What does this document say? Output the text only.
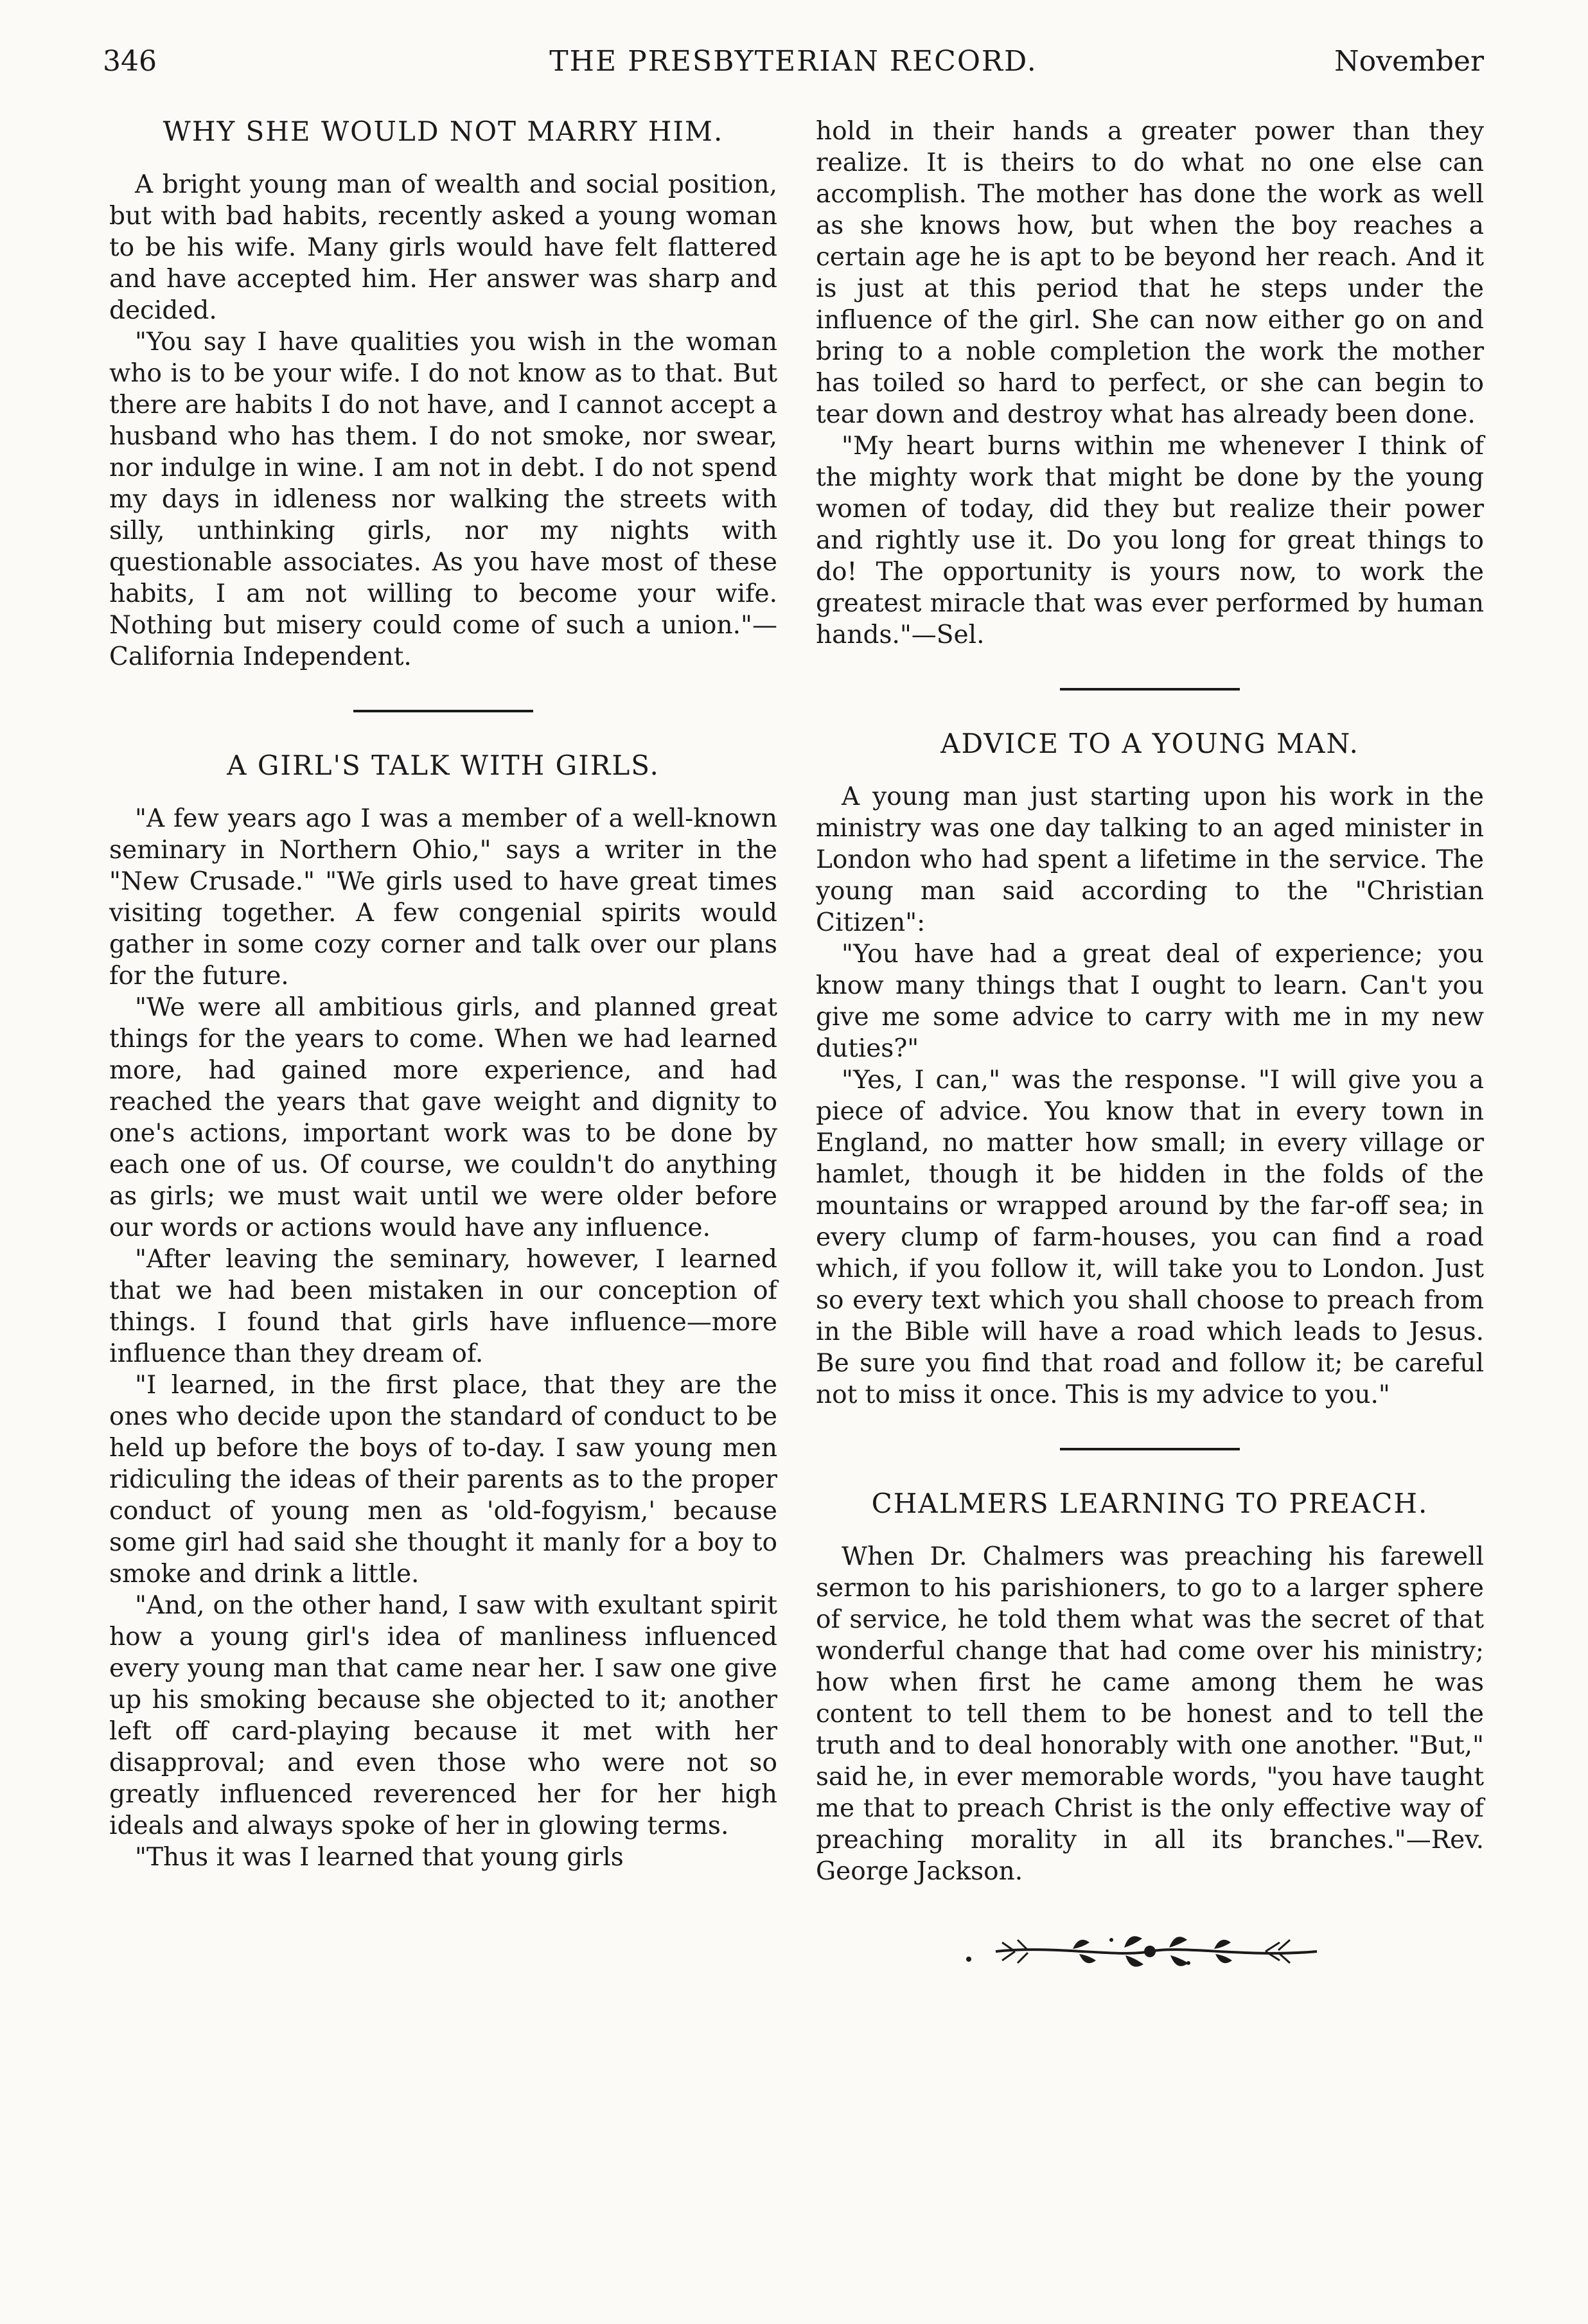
346	THE PRESBYTERIAN RECORD.	November
WHY SHE WOULD NOT MARRY HIM.

A bright young man of wealth and social position, but with bad habits, recently asked a young woman to be his wife. Many girls would have felt flattered and have accepted him. Her answer was sharp and decided.

"You say I have qualities you wish in the woman who is to be your wife. I do not know as to that. But there are habits I do not have, and I cannot accept a husband who has them. I do not smoke, nor swear, nor indulge in wine. I am not in debt. I do not spend my days in idleness nor walking the streets with silly, unthinking girls, nor my nights with questionable associates. As you have most of these habits, I am not willing to become your wife. Nothing but misery could come of such a union."—California Independent.

A GIRL'S TALK WITH GIRLS.

"A few years ago I was a member of a well-known seminary in Northern Ohio," says a writer in the "New Crusade." "We girls used to have great times visiting together. A few congenial spirits would gather in some cozy corner and talk over our plans for the future.

"We were all ambitious girls, and planned great things for the years to come. When we had learned more, had gained more experience, and had reached the years that gave weight and dignity to one's actions, important work was to be done by each one of us. Of course, we couldn't do anything as girls; we must wait until we were older before our words or actions would have any influence.

"After leaving the seminary, however, I learned that we had been mistaken in our conception of things. I found that girls have influence—more influence than they dream of.

"I learned, in the first place, that they are the ones who decide upon the standard of conduct to be held up before the boys of to-day. I saw young men ridiculing the ideas of their parents as to the proper conduct of young men as 'old-fogyism,' because some girl had said she thought it manly for a boy to smoke and drink a little.

"And, on the other hand, I saw with exultant spirit how a young girl's idea of manliness influenced every young man that came near her. I saw one give up his smoking because she objected to it; another left off card-playing because it met with her disapproval; and even those who were not so greatly influenced reverenced her for her high ideals and always spoke of her in glowing terms.

"Thus it was I learned that young girls

hold in their hands a greater power than they realize. It is theirs to do what no one else can accomplish. The mother has done the work as well as she knows how, but when the boy reaches a certain age he is apt to be beyond her reach. And it is just at this period that he steps under the influence of the girl. She can now either go on and bring to a noble completion the work the mother has toiled so hard to perfect, or she can begin to tear down and destroy what has already been done.

"My heart burns within me whenever I think of the mighty work that might be done by the young women of today, did they but realize their power and rightly use it. Do you long for great things to do! The opportunity is yours now, to work the greatest miracle that was ever performed by human hands."—Sel.

ADVICE TO A YOUNG MAN.

A young man just starting upon his work in the ministry was one day talking to an aged minister in London who had spent a lifetime in the service. The young man said according to the "Christian Citizen":

"You have had a great deal of experience; you know many things that I ought to learn. Can't you give me some advice to carry with me in my new duties?"

"Yes, I can," was the response. "I will give you a piece of advice. You know that in every town in England, no matter how small; in every village or hamlet, though it be hidden in the folds of the mountains or wrapped around by the far-off sea; in every clump of farm-houses, you can find a road which, if you follow it, will take you to London. Just so every text which you shall choose to preach from in the Bible will have a road which leads to Jesus. Be sure you find that road and follow it; be careful not to miss it once. This is my advice to you."

CHALMERS LEARNING TO PREACH.

When Dr. Chalmers was preaching his farewell sermon to his parishioners, to go to a larger sphere of service, he told them what was the secret of that wonderful change that had come over his ministry; how when first he came among them he was content to tell them to be honest and to tell the truth and to deal honorably with one another. "But," said he, in ever memorable words, "you have taught me that to preach Christ is the only effective way of preaching morality in all its branches."—Rev. George Jackson.
